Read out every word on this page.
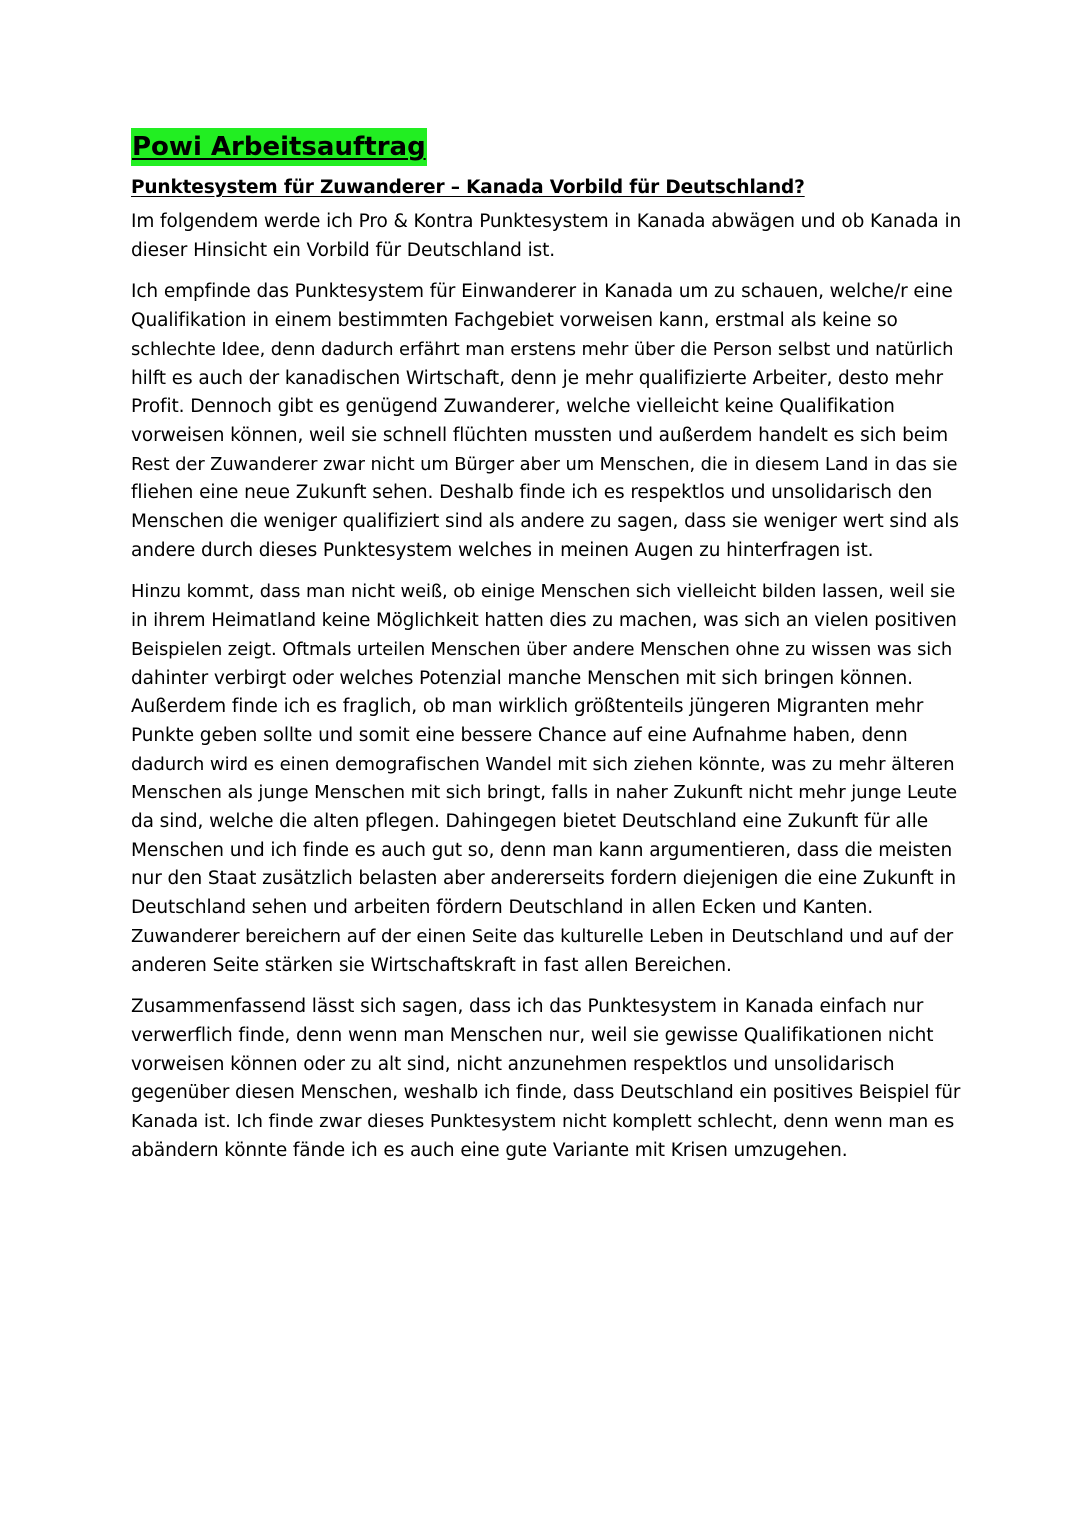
Powi Arbeitsauftrag
Punktesystem für Zuwanderer – Kanada Vorbild für Deutschland?

Im folgendem werde ich Pro & Kontra Punktesystem in Kanada abwägen und ob Kanada in
dieser Hinsicht ein Vorbild für Deutschland ist.

Ich empfinde das Punktesystem für Einwanderer in Kanada um zu schauen, welche/r eine
Qualifikation in einem bestimmten Fachgebiet vorweisen kann, erstmal als keine so
schlechte Idee, denn dadurch erfährt man erstens mehr über die Person selbst und natürlich
hilft es auch der kanadischen Wirtschaft, denn je mehr qualifizierte Arbeiter, desto mehr
Profit. Dennoch gibt es genügend Zuwanderer, welche vielleicht keine Qualifikation
vorweisen können, weil sie schnell flüchten mussten und außerdem handelt es sich beim
Rest der Zuwanderer zwar nicht um Bürger aber um Menschen, die in diesem Land in das sie
fliehen eine neue Zukunft sehen. Deshalb finde ich es respektlos und unsolidarisch den
Menschen die weniger qualifiziert sind als andere zu sagen, dass sie weniger wert sind als
andere durch dieses Punktesystem welches in meinen Augen zu hinterfragen ist.

Hinzu kommt, dass man nicht weiß, ob einige Menschen sich vielleicht bilden lassen, weil sie
in ihrem Heimatland keine Möglichkeit hatten dies zu machen, was sich an vielen positiven
Beispielen zeigt. Oftmals urteilen Menschen über andere Menschen ohne zu wissen was sich
dahinter verbirgt oder welches Potenzial manche Menschen mit sich bringen können.
Außerdem finde ich es fraglich, ob man wirklich größtenteils jüngeren Migranten mehr
Punkte geben sollte und somit eine bessere Chance auf eine Aufnahme haben, denn
dadurch wird es einen demografischen Wandel mit sich ziehen könnte, was zu mehr älteren
Menschen als junge Menschen mit sich bringt, falls in naher Zukunft nicht mehr junge Leute
da sind, welche die alten pflegen. Dahingegen bietet Deutschland eine Zukunft für alle
Menschen und ich finde es auch gut so, denn man kann argumentieren, dass die meisten
nur den Staat zusätzlich belasten aber andererseits fordern diejenigen die eine Zukunft in
Deutschland sehen und arbeiten fördern Deutschland in allen Ecken und Kanten.
Zuwanderer bereichern auf der einen Seite das kulturelle Leben in Deutschland und auf der
anderen Seite stärken sie Wirtschaftskraft in fast allen Bereichen.

Zusammenfassend lässt sich sagen, dass ich das Punktesystem in Kanada einfach nur
verwerflich finde, denn wenn man Menschen nur, weil sie gewisse Qualifikationen nicht
vorweisen können oder zu alt sind, nicht anzunehmen respektlos und unsolidarisch
gegenüber diesen Menschen, weshalb ich finde, dass Deutschland ein positives Beispiel für
Kanada ist. Ich finde zwar dieses Punktesystem nicht komplett schlecht, denn wenn man es
abändern könnte fände ich es auch eine gute Variante mit Krisen umzugehen.
